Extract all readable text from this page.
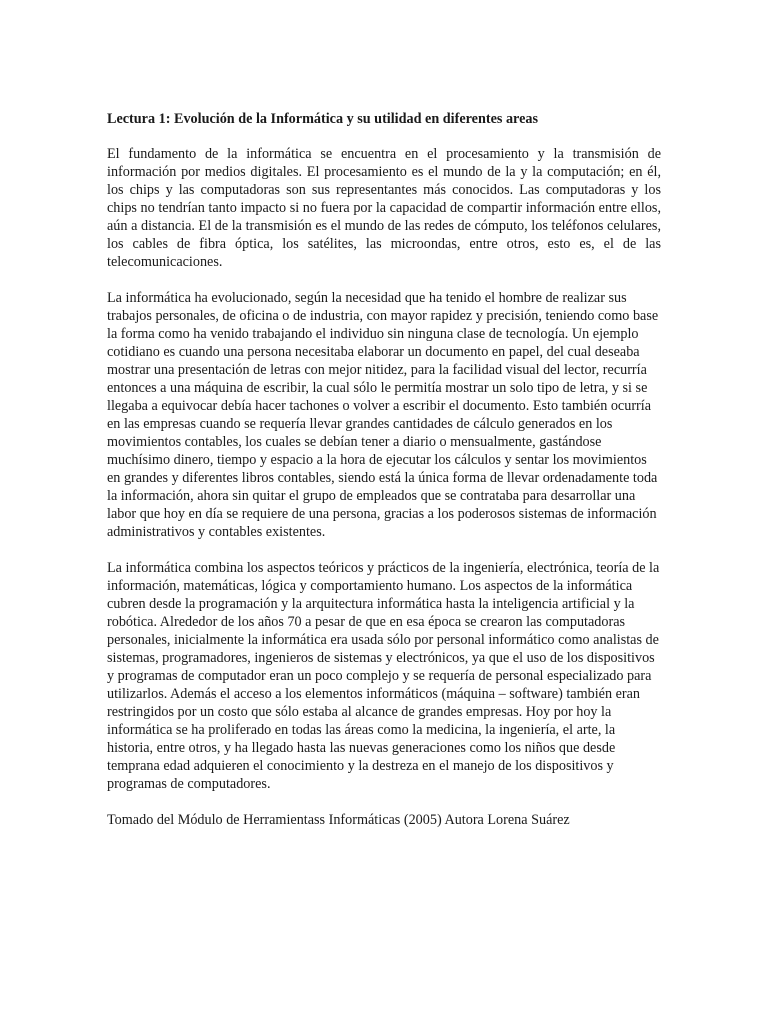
Lectura 1: Evolución de la Informática y su utilidad en diferentes areas

El fundamento de la informática se encuentra en el procesamiento y la transmisión de información por medios digitales. El procesamiento es el mundo de la y la computación; en él, los chips y las computadoras son sus representantes más conocidos. Las computadoras y los chips no tendrían tanto impacto si no fuera por la capacidad de compartir información entre ellos, aún a distancia. El de la transmisión es el mundo de las redes de cómputo, los teléfonos celulares, los cables de fibra óptica, los satélites, las microondas, entre otros, esto es, el de las telecomunicaciones.

La informática ha evolucionado, según la necesidad que ha tenido el hombre de realizar sus trabajos personales, de oficina o de industria, con mayor rapidez y precisión, teniendo como base la forma como ha venido trabajando el individuo sin ninguna clase de tecnología. Un ejemplo cotidiano es cuando una persona necesitaba elaborar un documento en papel, del cual deseaba mostrar una presentación de letras con mejor nitidez, para la facilidad visual del lector, recurría entonces a una máquina de escribir, la cual sólo le permitía mostrar un solo tipo de letra, y si se llegaba a equivocar debía hacer tachones o volver a escribir el documento. Esto también ocurría en las empresas cuando se requería llevar grandes cantidades de cálculo generados en los movimientos contables, los cuales se debían tener a diario o mensualmente, gastándose muchísimo dinero, tiempo y espacio a la hora de ejecutar los cálculos y sentar los movimientos en grandes y diferentes libros contables, siendo está la única forma de llevar ordenadamente toda la información, ahora sin quitar el grupo de empleados que se contrataba para desarrollar una labor que hoy en día se requiere de una persona, gracias a los poderosos sistemas de información administrativos y contables existentes.

La informática combina los aspectos teóricos y prácticos de la ingeniería, electrónica, teoría de la información, matemáticas, lógica y comportamiento humano. Los aspectos de la informática cubren desde la programación y la arquitectura informática hasta la inteligencia artificial y la robótica. Alrededor de los años 70 a pesar de que en esa época se crearon las computadoras personales, inicialmente la informática era usada sólo por personal informático como analistas de sistemas, programadores, ingenieros de sistemas y electrónicos, ya que el uso de los dispositivos y programas de computador eran un poco complejo y se requería de personal especializado para utilizarlos. Además el acceso a los elementos informáticos (máquina – software) también eran restringidos por un costo que sólo estaba al alcance de grandes empresas. Hoy por hoy la informática se ha proliferado en todas las áreas como la medicina, la ingeniería, el arte, la historia, entre otros, y ha llegado hasta las nuevas generaciones como los niños que desde temprana edad adquieren el conocimiento y la destreza en el manejo de los dispositivos y programas de computadores.

Tomado del Módulo de Herramientass Informáticas (2005) Autora Lorena Suárez
